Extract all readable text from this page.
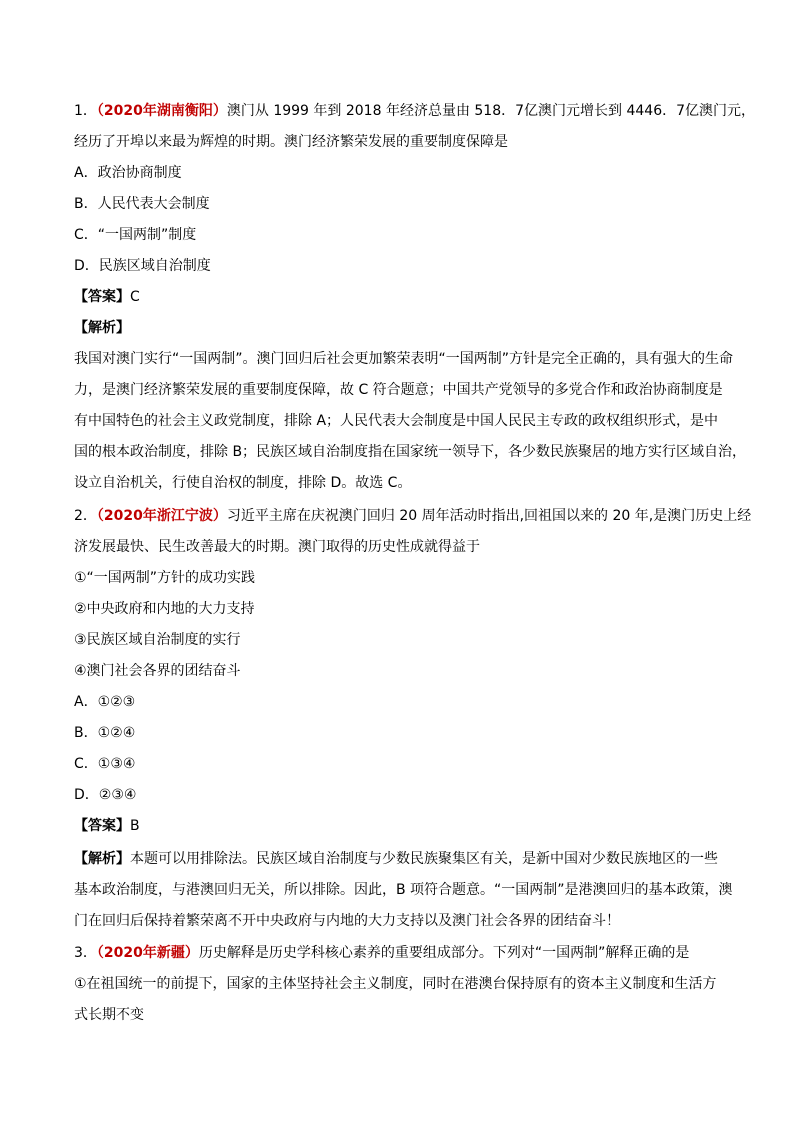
1．（2020年湖南衡阳）澳门从 1999 年到 2018 年经济总量由 518．7亿澳门元增长到 4446．7亿澳门元，
经历了开埠以来最为辉煌的时期。澳门经济繁荣发展的重要制度保障是
A．政治协商制度
B．人民代表大会制度
C．“一国两制”制度
D．民族区域自治制度
【答案】C
【解析】
我国对澳门实行“一国两制”。澳门回归后社会更加繁荣表明“一国两制”方针是完全正确的，具有强大的生命
力，是澳门经济繁荣发展的重要制度保障，故 C 符合题意；中国共产党领导的多党合作和政治协商制度是
有中国特色的社会主义政党制度，排除 A；人民代表大会制度是中国人民民主专政的政权组织形式，是中
国的根本政治制度，排除 B；民族区域自治制度指在国家统一领导下，各少数民族聚居的地方实行区域自治，
设立自治机关，行使自治权的制度，排除 D。故选 C。
2．（2020年浙江宁波）习近平主席在庆祝澳门回归 20 周年活动时指出,回祖国以来的 20 年,是澳门历史上经
济发展最快、民生改善最大的时期。澳门取得的历史性成就得益于
①“一国两制”方针的成功实践
②中央政府和内地的大力支持
③民族区域自治制度的实行
④澳门社会各界的团结奋斗
A．①②③
B．①②④
C．①③④
D．②③④
【答案】B
【解析】本题可以用排除法。民族区域自治制度与少数民族聚集区有关，是新中国对少数民族地区的一些
基本政治制度，与港澳回归无关，所以排除。因此，B 项符合题意。“一国两制”是港澳回归的基本政策，澳
门在回归后保持着繁荣离不开中央政府与内地的大力支持以及澳门社会各界的团结奋斗！
3．（2020年新疆）历史解释是历史学科核心素养的重要组成部分。下列对“一国两制”解释正确的是
①在祖国统一的前提下，国家的主体坚持社会主义制度，同时在港澳台保持原有的资本主义制度和生活方
式长期不变
